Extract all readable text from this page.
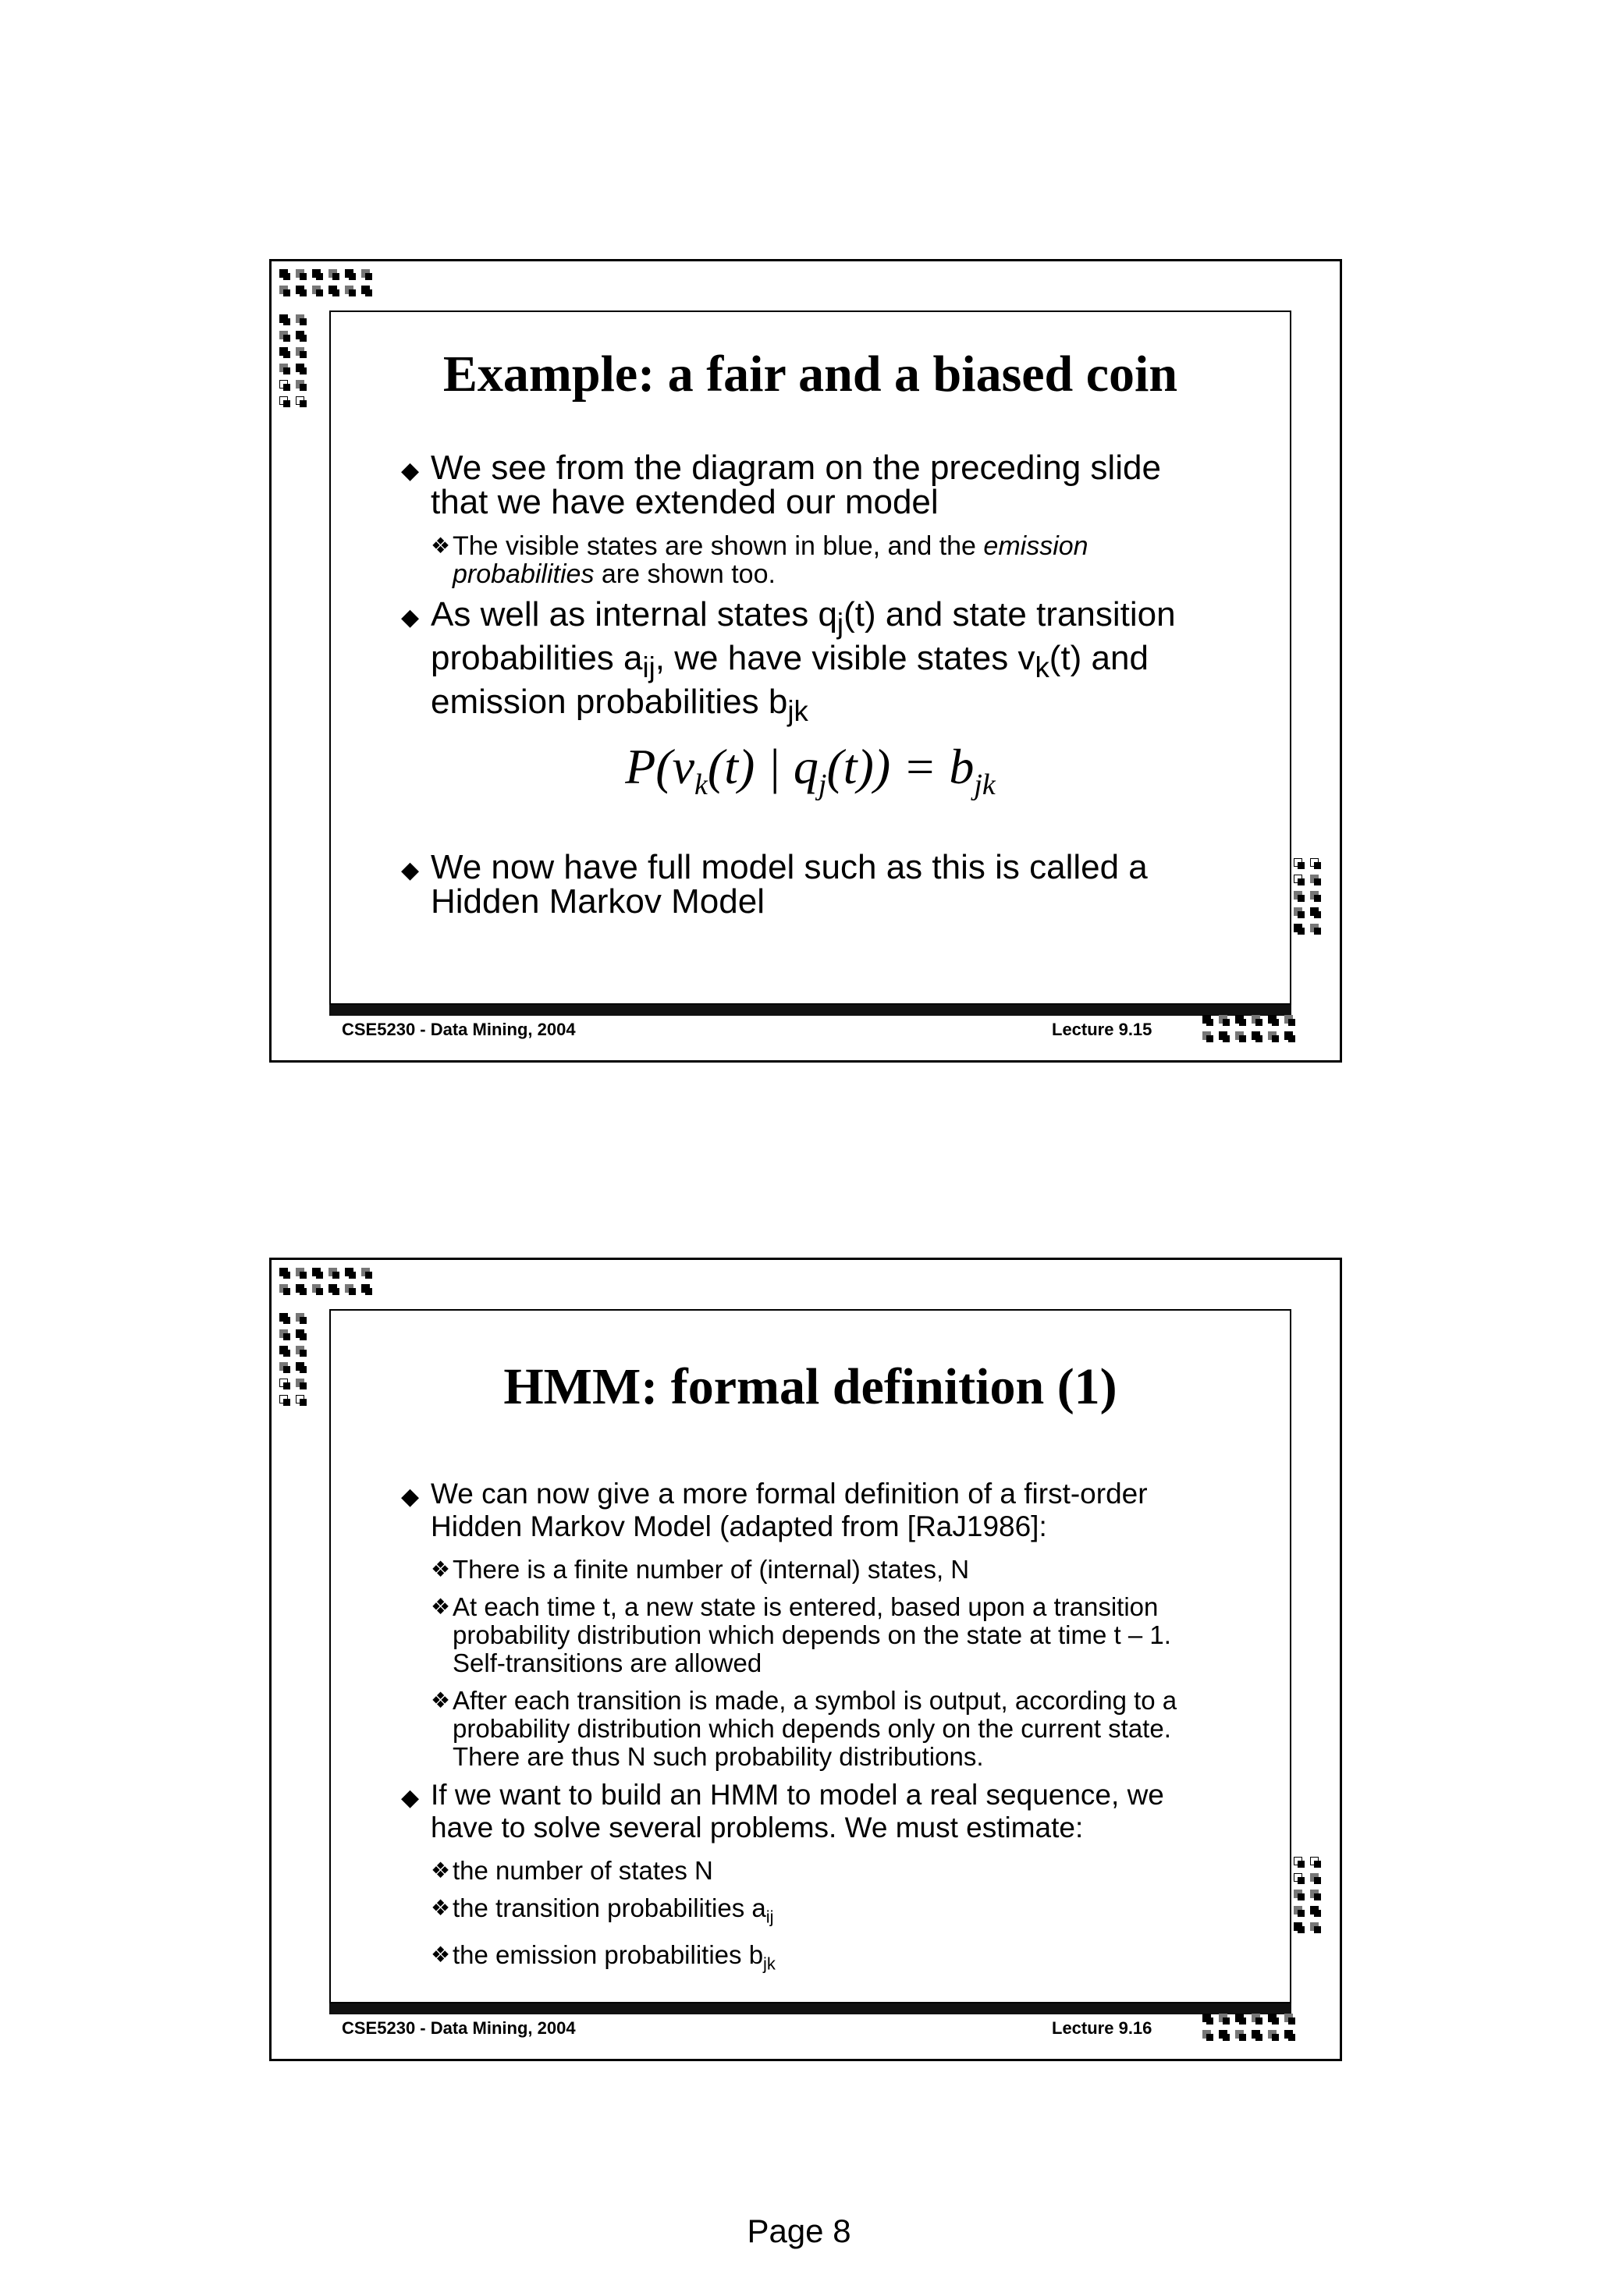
Example: a fair and a biased coin
◆ We see from the diagram on the preceding slide that we have extended our model
❖ The visible states are shown in blue, and the emission probabilities are shown too.
◆ As well as internal states $q_j(t)$ and state transition probabilities $a_{ij}$, we have visible states $v_k(t)$ and emission probabilities $b_{jk}$
$P(v_k(t)$ | $q_j(t)) = b_{jk}$
◆ We now have full model such as this is called a Hidden Markov Model
CSE5230 - Data Mining, 2004	Lecture 9.15
HMM: formal definition (1)
◆ We can now give a more formal definition of a first-order Hidden Markov Model (adapted from [RaJ1986]:
❖ There is a finite number of (internal) states, N
❖ At each time t, a new state is entered, based upon a transition probability distribution which depends on the state at time t – 1. Self-transitions are allowed
❖ After each transition is made, a symbol is output, according to a probability distribution which depends only on the current state. There are thus N such probability distributions.
◆ If we want to build an HMM to model a real sequence, we have to solve several problems. We must estimate:
❖ the number of states N
❖ the transition probabilities $a_{ij}$
❖ the emission probabilities $b_{jk}$
CSE5230 - Data Mining, 2004	Lecture 9.16
Page 8
